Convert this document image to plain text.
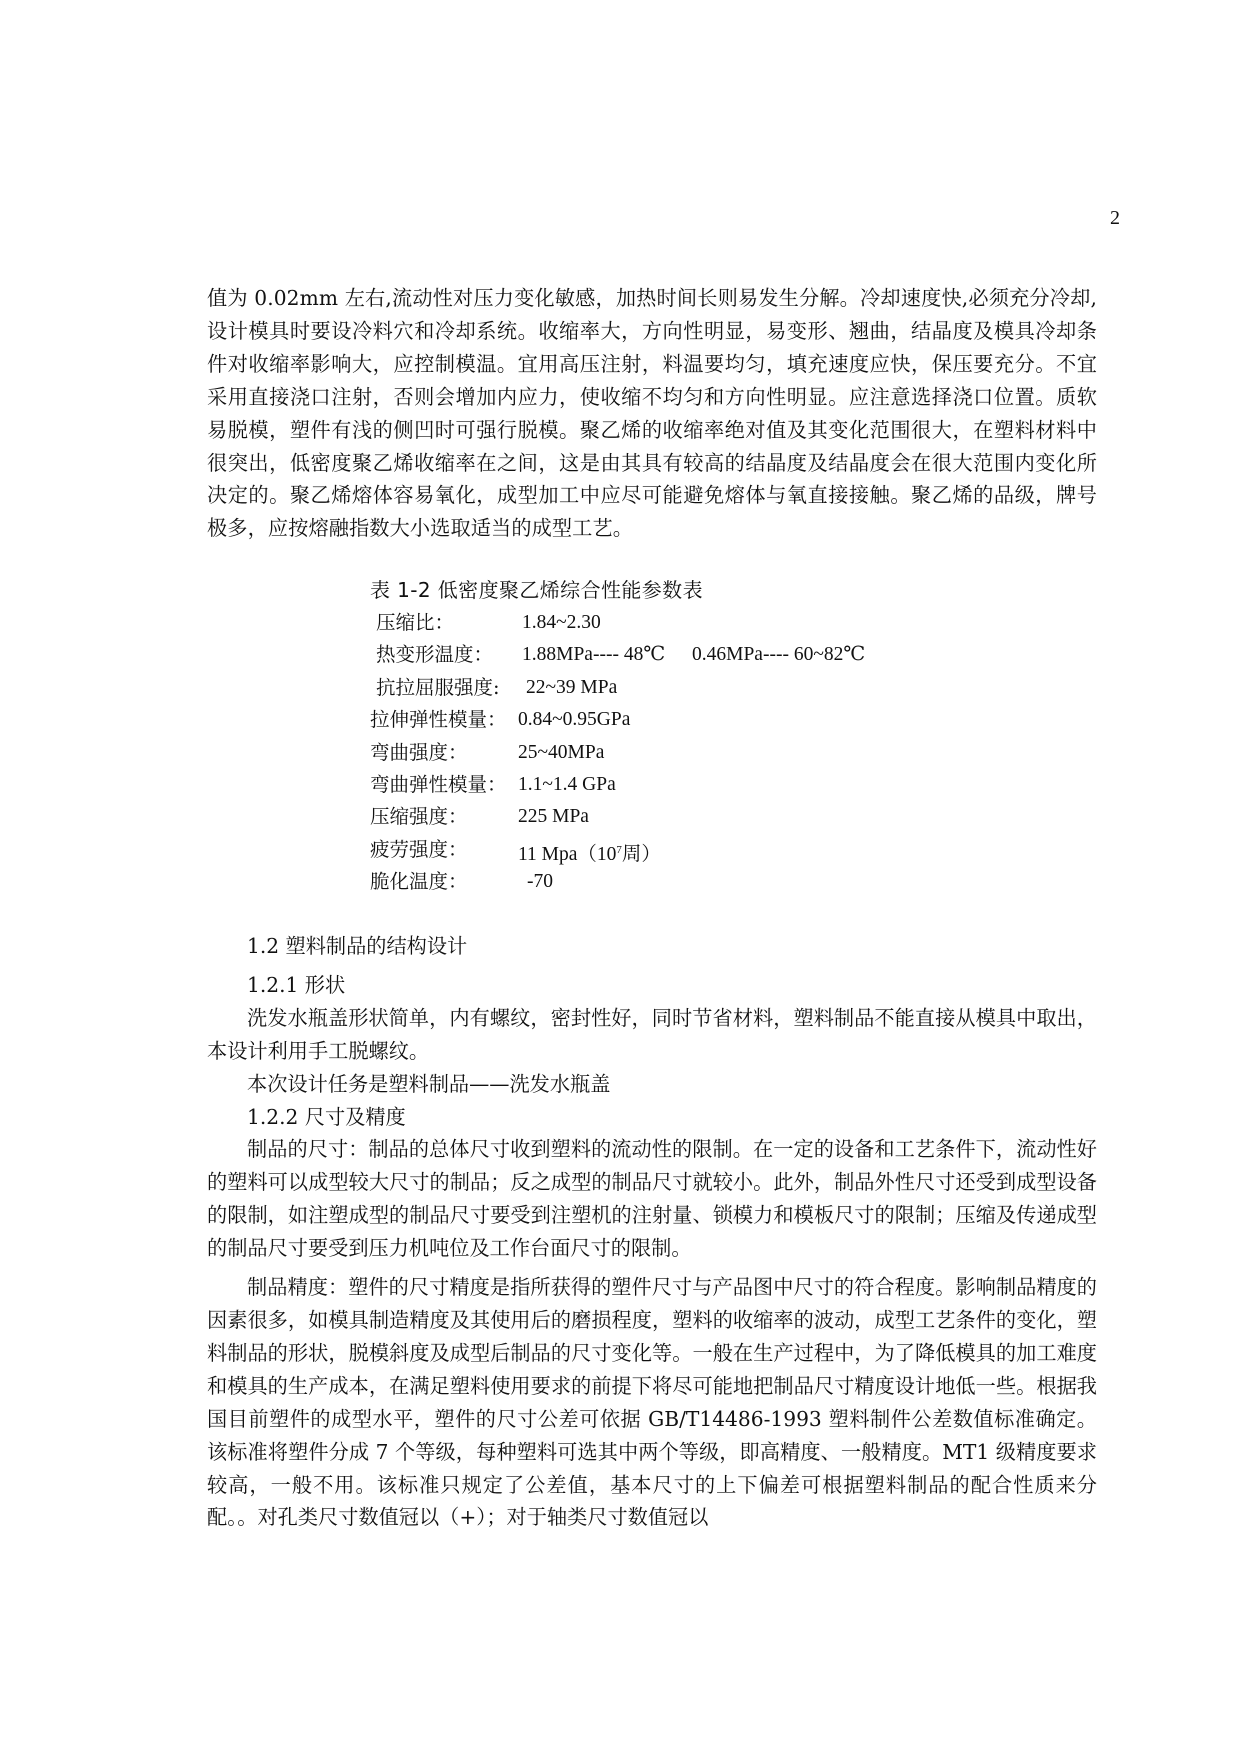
2
值为 0.02mm 左右,流动性对压力变化敏感，加热时间长则易发生分解。冷却速度快,必须充分冷却,设计模具时要设冷料穴和冷却系统。收缩率大，方向性明显，易变形、翘曲，结晶度及模具冷却条件对收缩率影响大，应控制模温。宜用高压注射，料温要均匀，填充速度应快，保压要充分。不宜采用直接浇口注射，否则会增加内应力，使收缩不均匀和方向性明显。应注意选择浇口位置。质软易脱模，塑件有浅的侧凹时可强行脱模。聚乙烯的收缩率绝对值及其变化范围很大，在塑料材料中很突出，低密度聚乙烯收缩率在之间，这是由其具有较高的结晶度及结晶度会在很大范围内变化所决定的。聚乙烯熔体容易氧化，成型加工中应尽可能避免熔体与氧直接接触。聚乙烯的品级，牌号极多，应按熔融指数大小选取适当的成型工艺。
表 1-2 低密度聚乙烯综合性能参数表
压缩比：	1.84~2.30
热变形温度： 1.88MPa---- 48℃ 0.46MPa---- 60~82℃
抗拉屈服强度: 22~39 MPa
拉伸弹性模量： 0.84~0.95GPa
弯曲强度：	25~40MPa
弯曲弹性模量： 1.1~1.4 GPa
压缩强度：	225 MPa
疲劳强度：	11 $Mpa(10^7$周）
脆化温度：	-70
1.2 塑料制品的结构设计
1.2.1 形状
洗发水瓶盖形状简单，内有螺纹，密封性好，同时节省材料，塑料制品不能直接从模具中取出，本设计利用手工脱螺纹。
本次设计任务是塑料制品——洗发水瓶盖
1.2.2 尺寸及精度
制品的尺寸：制品的总体尺寸收到塑料的流动性的限制。在一定的设备和工艺条件下，流动性好的塑料可以成型较大尺寸的制品；反之成型的制品尺寸就较小。此外，制品外性尺寸还受到成型设备的限制，如注塑成型的制品尺寸要受到注塑机的注射量、锁模力和模板尺寸的限制；压缩及传递成型的制品尺寸要受到压力机吨位及工作台面尺寸的限制。
制品精度：塑件的尺寸精度是指所获得的塑件尺寸与产品图中尺寸的符合程度。影响制品精度的因素很多，如模具制造精度及其使用后的磨损程度，塑料的收缩率的波动，成型工艺条件的变化，塑料制品的形状，脱模斜度及成型后制品的尺寸变化等。一般在生产过程中，为了降低模具的加工难度和模具的生产成本，在满足塑料使用要求的前提下将尽可能地把制品尺寸精度设计地低一些。根据我国目前塑件的成型水平，塑件的尺寸公差可依据 GB/T14486-1993 塑料制件公差数值标准确定。该标准将塑件分成 7 个等级，每种塑料可选其中两个等级，即高精度、一般精度。MT1 级精度要求较高，一般不用。该标准只规定了公差值，基本尺寸的上下偏差可根据塑料制品的配合性质来分配。。对孔类尺寸数值冠以（+）；对于轴类尺寸数值冠以
